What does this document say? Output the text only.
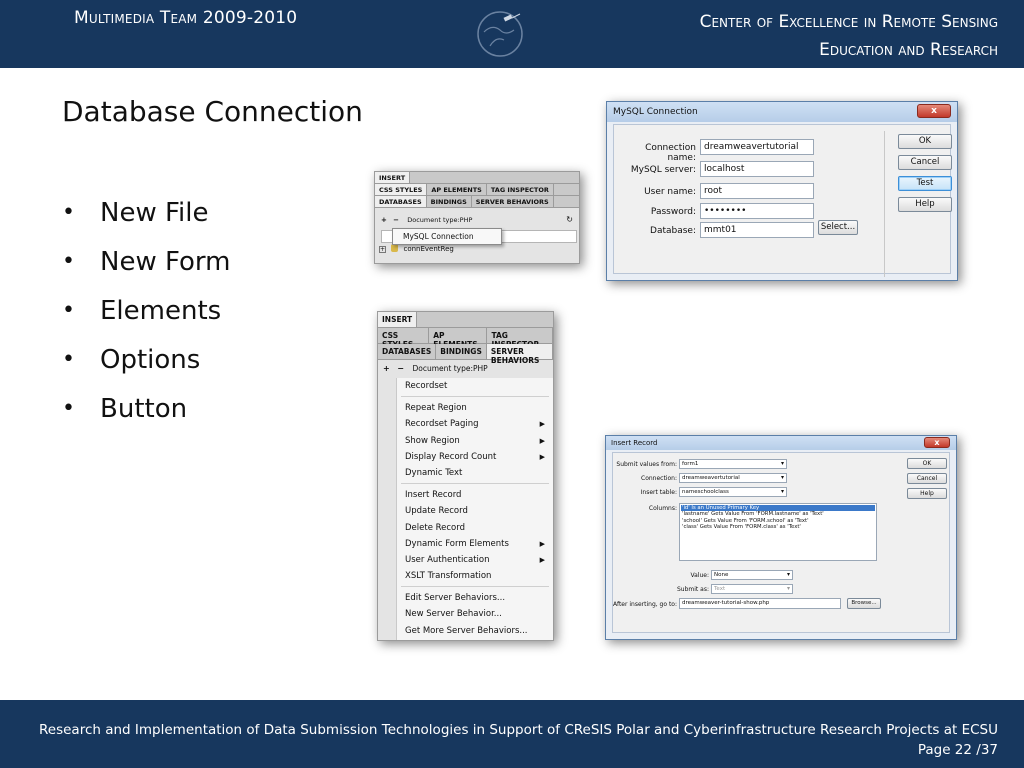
Multimedia Team 2009-2010	Center of Excellence in Remote Sensing
Education and Research
Database Connection
• New File
• New Form
• Elements
• Options
• Button
MySQL Connection	x
Connection name:
dreamweavertutorial
MySQL server: localhost
User name: root
Password: ••••••••
Database: mmt01	Select...
OK
Cancel
Test
Help
INSERT
CSS STYLES	AP ELEMENTS	TAG INSPECTOR
DATABASES	BINDINGS	SERVER BEHAVIORS
+ − Document type:PHP	↻
+	connEventReg
MySQL Connection
INSERT
CSS	AP	TAG
DATABASES	BINDINGS	SERVER BEHAVIORS
+ − Document type:PHP
Recordset
Repeat Region
Recordset Paging	▶
Show Region	▶
Display Record Count	▶
Dynamic Text
Insert Record
Update Record
Delete Record
Dynamic Form Elements	▶
User Authentication	▶
XSLT Transformation
Edit Server Behaviors...
New Server Behavior...
Get More Server Behaviors...
Insert Record	x
Submit values from: form1	▾
Connection: dreamweavertutorial	▾
Insert table: nameschoolclass	▾
Columns: 'id' Is an Unused Primary Key
'lastname' Gets Value From 'FORM.lastname' as 'Text'
'school' Gets Value From 'FORM.school' as 'Text'
'class' Gets Value From 'FORM.class' as 'Text'
Value: None	▾
Submit as: Text	▾
After inserting, go to: dreamweaver-tutorial-show.php	Browse...
OK
Cancel
Help
Research and Implementation of Data Submission Technologies in Support of CReSIS Polar and Cyberinfrastructure Research Projects at ECSU
Page 22 /37
